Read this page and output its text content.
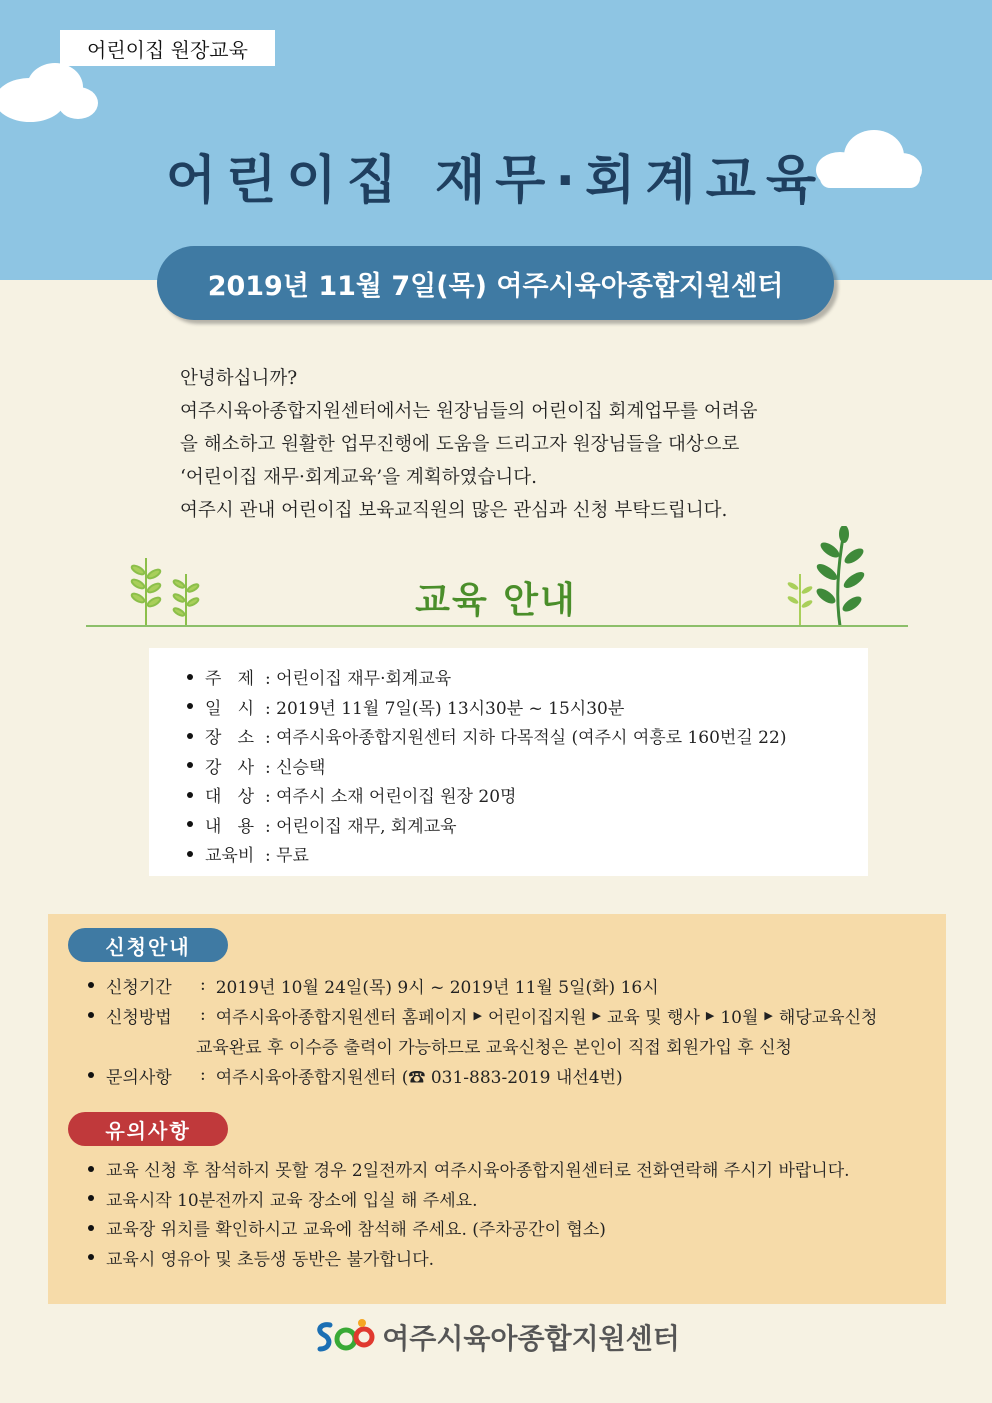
어린이집 원장교육
어린이집 재무·회계교육
2019년 11월 7일(목) 여주시육아종합지원센터

안녕하십니까?

여주시육아종합지원센터에서는 원장님들의 어린이집 회계업무를 어려움

을 해소하고 원활한 업무진행에 도움을 드리고자 원장님들을 대상으로

‘어린이집 재무·회계교육’을 계획하였습니다.

여주시 관내 어린이집 보육교직원의 많은 관심과 신청 부탁드립니다.

교육 안내
주   제 : 어린이집 재무·회계교육
일   시 : 2019년 11월 7일(목) 13시30분 ~ 15시30분
장   소 : 여주시육아종합지원센터 지하 다목적실 (여주시 여흥로 160번길 22)
강   사 : 신승택
대   상 : 여주시 소재 어린이집 원장 20명
내   용 : 어린이집 재무, 회계교육
교육비 : 무료
신청안내
신청기간	: 2019년 10월 24일(목) 9시 ~ 2019년 11월 5일(화) 16시
신청방법	: 여주시육아종합지원센터 홈페이지 ▶ 어린이집지원 ▶ 교육 및 행사 ▶ 10월 ▶ 해당교육신청
교육완료 후 이수증 출력이 가능하므로 교육신청은 본인이 직접 회원가입 후 신청
문의사항	: 여주시육아종합지원센터 (☎ 031-883-2019 내선4번)
유의사항
교육 신청 후 참석하지 못할 경우 2일전까지 여주시육아종합지원센터로 전화연락해 주시기 바랍니다.
교육시작 10분전까지 교육 장소에 입실 해 주세요.
교육장 위치를 확인하시고 교육에 참석해 주세요. (주차공간이 협소)
교육시 영유아 및 초등생 동반은 불가합니다.
여주시육아종합지원센터
